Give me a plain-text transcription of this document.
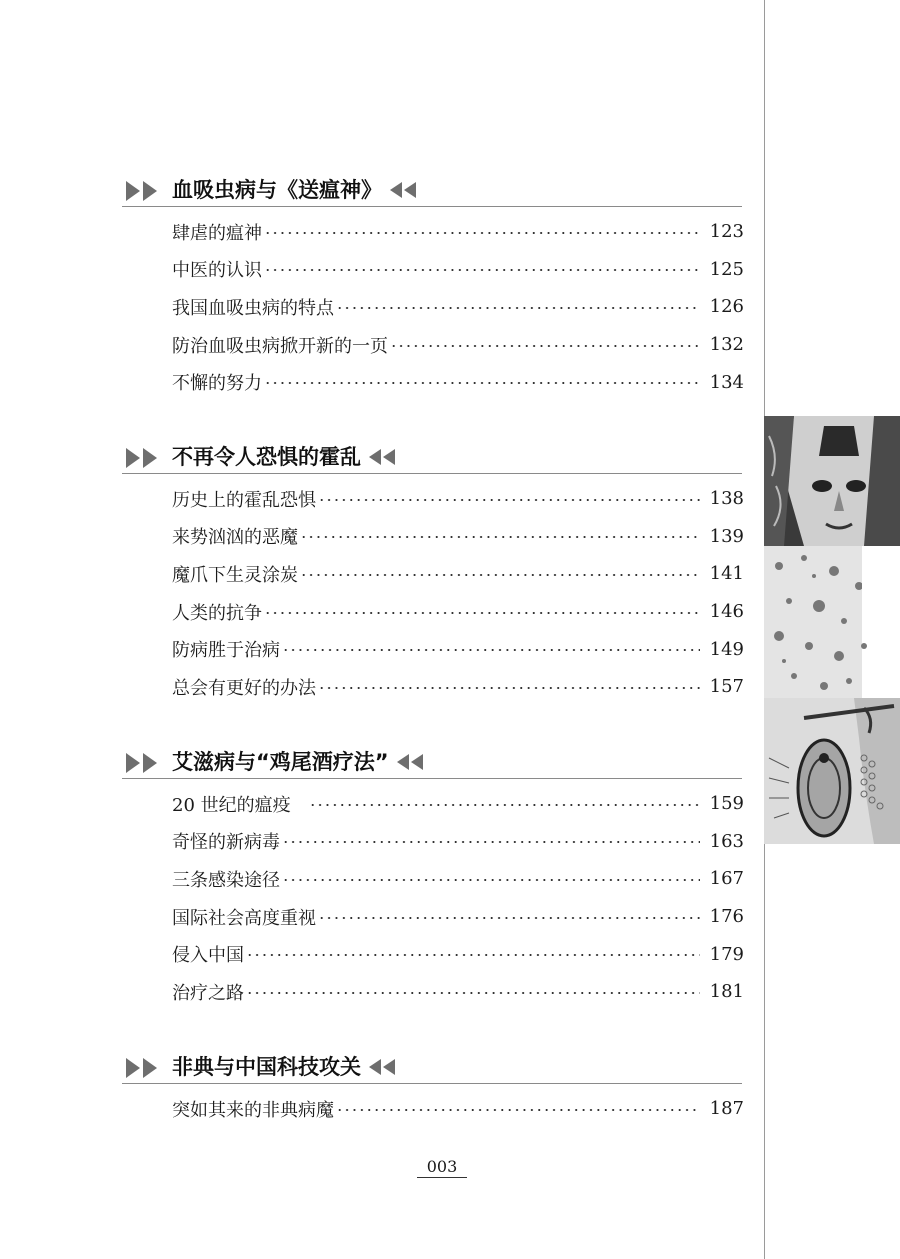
血吸虫病与《送瘟神》
肆虐的瘟神	123
中医的认识	125
我国血吸虫病的特点	126
防治血吸虫病掀开新的一页	132
不懈的努力	134
不再令人恐惧的霍乱
历史上的霍乱恐惧	138
来势汹汹的恶魔	139
魔爪下生灵涂炭	141
人类的抗争	146
防病胜于治病	149
总会有更好的办法	157
艾滋病与“鸡尾酒疗法”
20 世纪的瘟疫	159
奇怪的新病毒	163
三条感染途径	167
国际社会高度重视	176
侵入中国	179
治疗之路	181
非典与中国科技攻关
突如其来的非典病魔	187
003
